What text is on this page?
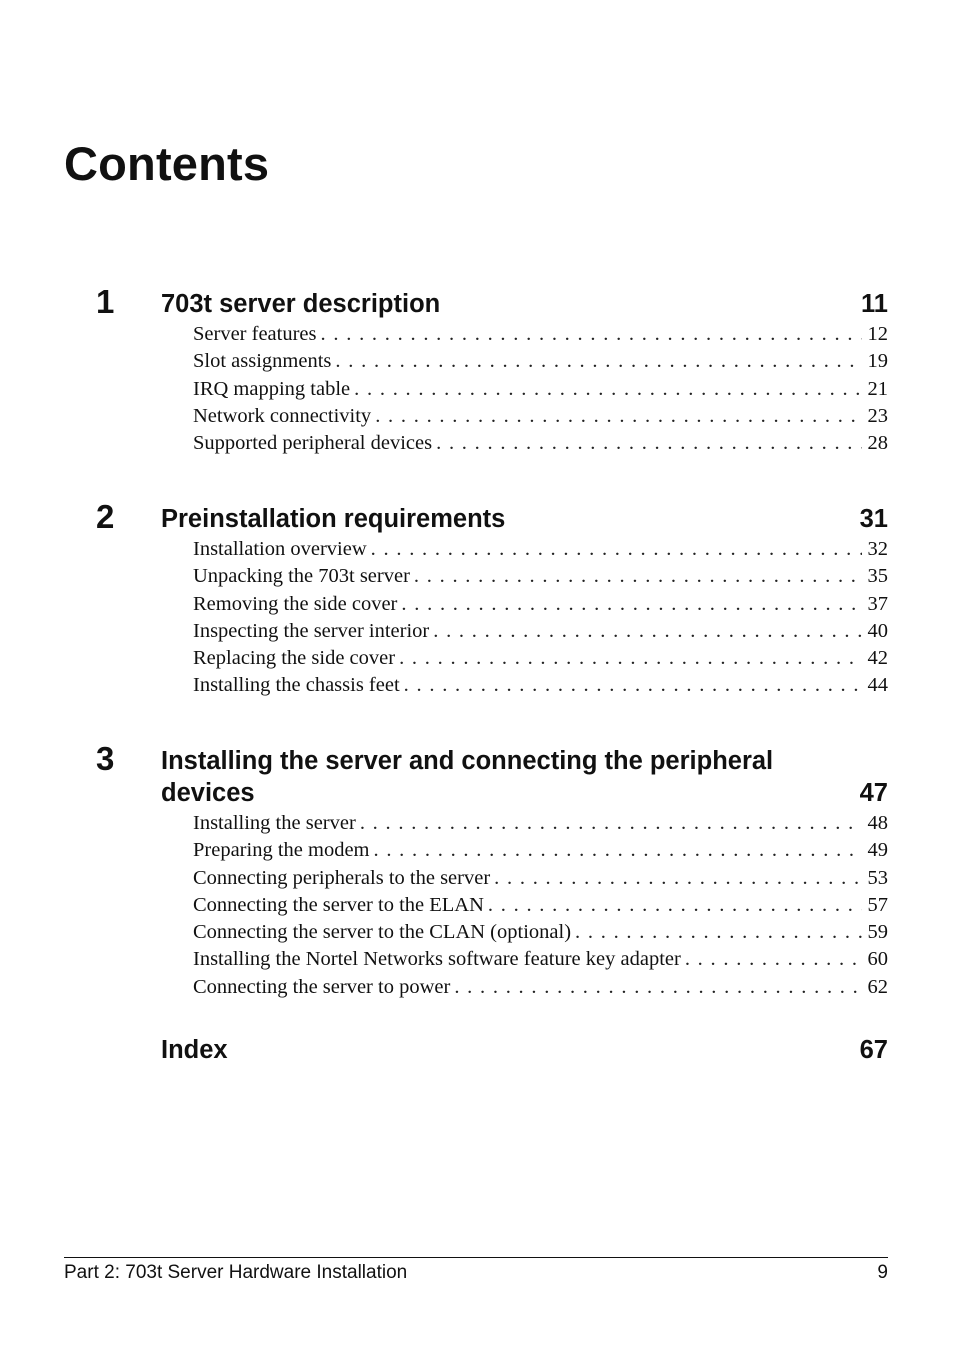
Contents
1 703t server description	11
Server features . . .	12
Slot assignments . . .	19
IRQ mapping table . . .	21
Network connectivity . . .	23
Supported peripheral devices . . .	28
2 Preinstallation requirements	31
Installation overview . . .	32
Unpacking the 703t server . . .	35
Removing the side cover . . .	37
Inspecting the server interior . . .	40
Replacing the side cover . . .	42
Installing the chassis feet . . .	44
3 Installing the server and connecting the peripheral
devices	47
Installing the server . . .	48
Preparing the modem . . .	49
Connecting peripherals to the server . . .	53
Connecting the server to the ELAN . . .	57
Connecting the server to the CLAN (optional) . . .	59
Installing the Nortel Networks software feature key adapter . . .	60
Connecting the server to power . . .	62
Index	67
Part 2: 703t Server Hardware Installation	9
